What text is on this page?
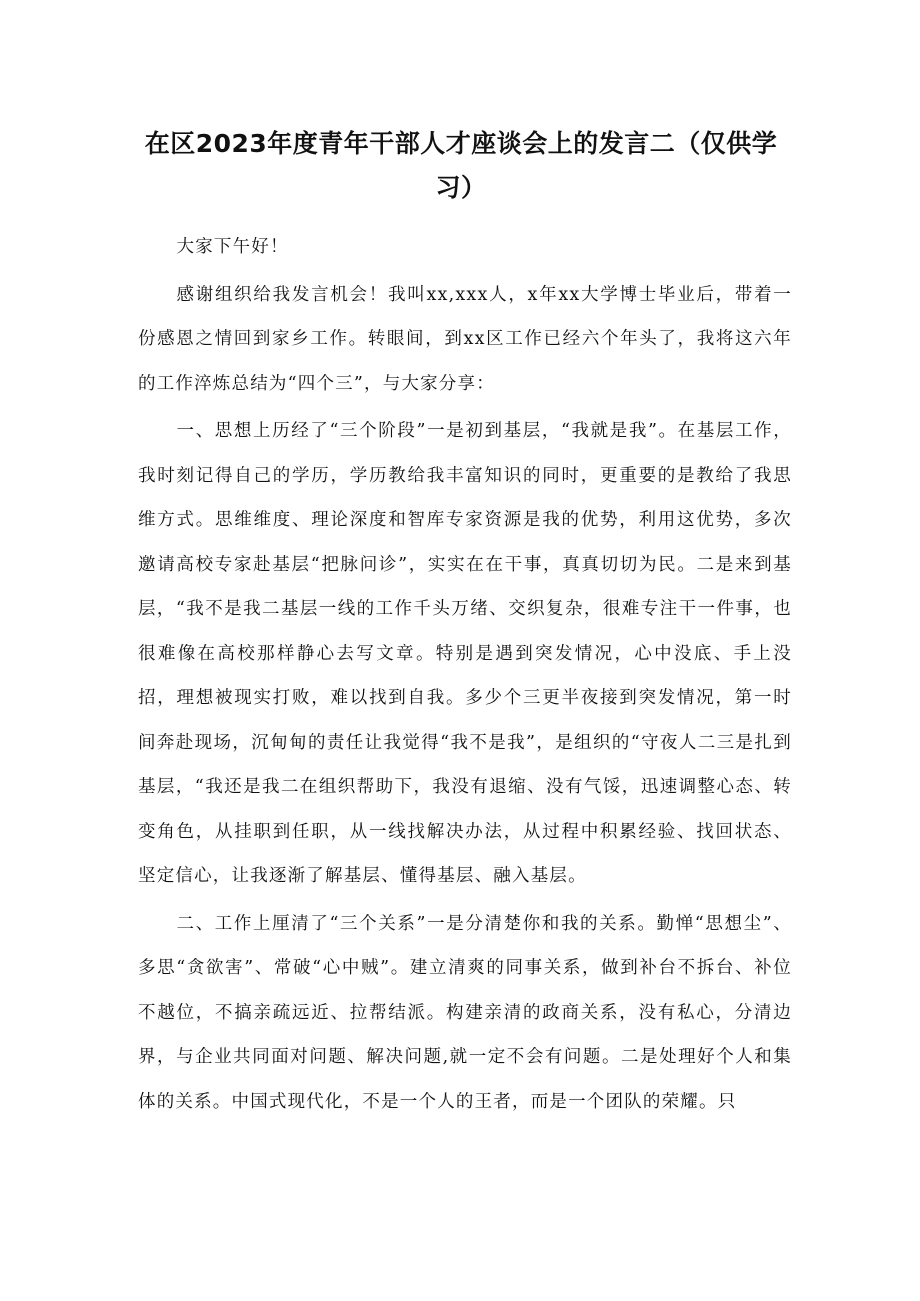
在区2023年度青年干部人才座谈会上的发言二（仅供学习）

大家下午好！

感谢组织给我发言机会！我叫xx,xxx人，x年xx大学博士毕业后，带着一份感恩之情回到家乡工作。转眼间，到xx区工作已经六个年头了，我将这六年的工作淬炼总结为“四个三”，与大家分享：

一、思想上历经了“三个阶段”一是初到基层，“我就是我”。在基层工作，我时刻记得自己的学历，学历教给我丰富知识的同时，更重要的是教给了我思维方式。思维维度、理论深度和智库专家资源是我的优势，利用这优势，多次邀请高校专家赴基层“把脉问诊”，实实在在干事，真真切切为民。二是来到基层，“我不是我二基层一线的工作千头万绪、交织复杂，很难专注干一件事，也很难像在高校那样静心去写文章。特别是遇到突发情况，心中没底、手上没招，理想被现实打败，难以找到自我。多少个三更半夜接到突发情况，第一时间奔赴现场，沉甸甸的责任让我觉得“我不是我”，是组织的“守夜人二三是扎到基层，“我还是我二在组织帮助下，我没有退缩、没有气馁，迅速调整心态、转变角色，从挂职到任职，从一线找解决办法，从过程中积累经验、找回状态、坚定信心，让我逐渐了解基层、懂得基层、融入基层。

二、工作上厘清了“三个关系”一是分清楚你和我的关系。勤惮“思想尘”、多思“贪欲害”、常破“心中贼”。建立清爽的同事关系，做到补台不拆台、补位不越位，不搞亲疏远近、拉帮结派。构建亲清的政商关系，没有私心，分清边界，与企业共同面对问题、解决问题,就一定不会有问题。二是处理好个人和集体的关系。中国式现代化，不是一个人的王者，而是一个团队的荣耀。只
